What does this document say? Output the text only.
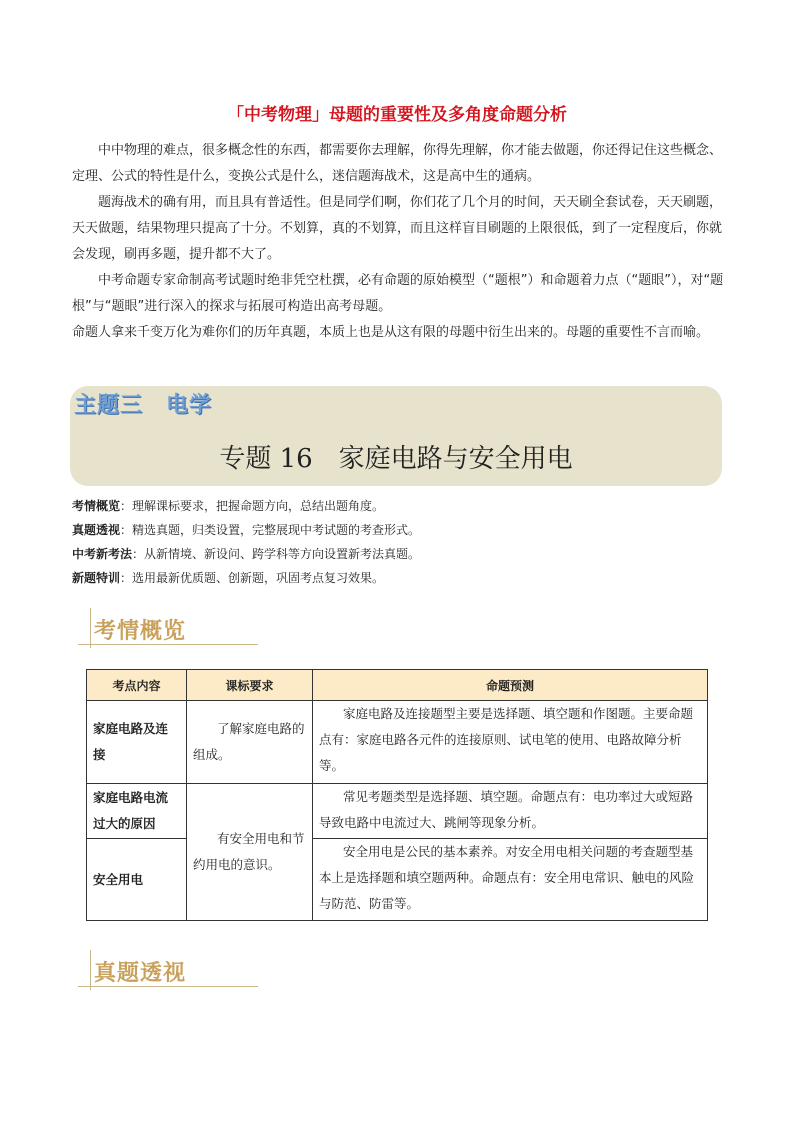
「中考物理」母题的重要性及多角度命题分析

中中物理的难点，很多概念性的东西，都需要你去理解，你得先理解，你才能去做题，你还得记住这些概念、定理、公式的特性是什么，变换公式是什么，迷信题海战术，这是高中生的通病。

题海战术的确有用，而且具有普适性。但是同学们啊，你们花了几个月的时间，天天刷全套试卷，天天刷题，天天做题，结果物理只提高了十分。不划算，真的不划算，而且这样盲目刷题的上限很低，到了一定程度后，你就会发现，刷再多题，提升都不大了。

中考命题专家命制高考试题时绝非凭空杜撰，必有命题的原始模型（“题根”）和命题着力点（“题眼”），对“题根”与“题眼”进行深入的探求与拓展可构造出高考母题。

命题人拿来千变万化为难你们的历年真题，本质上也是从这有限的母题中衍生出来的。母题的重要性不言而喻。

主题三　电学
专题 16　家庭电路与安全用电
考情概览：理解课标要求，把握命题方向，总结出题角度。
真题透视：精选真题，归类设置，完整展现中考试题的考查形式。
中考新考法：从新情境、新设问、跨学科等方向设置新考法真题。
新题特训：选用最新优质题、创新题，巩固考点复习效果。
考情概览
考点内容	课标要求	命题预测
家庭电路及连接	了解家庭电路的组成。	家庭电路及连接题型主要是选择题、填空题和作图题。主要命题点有：家庭电路各元件的连接原则、试电笔的使用、电路故障分析等。
家庭电路电流过大的原因	有安全用电和节约用电的意识。	常见考题类型是选择题、填空题。命题点有：电功率过大或短路导致电路中电流过大、跳闸等现象分析。
安全用电		安全用电是公民的基本素养。对安全用电相关问题的考查题型基本上是选择题和填空题两种。命题点有：安全用电常识、触电的风险与防范、防雷等。
真题透视
